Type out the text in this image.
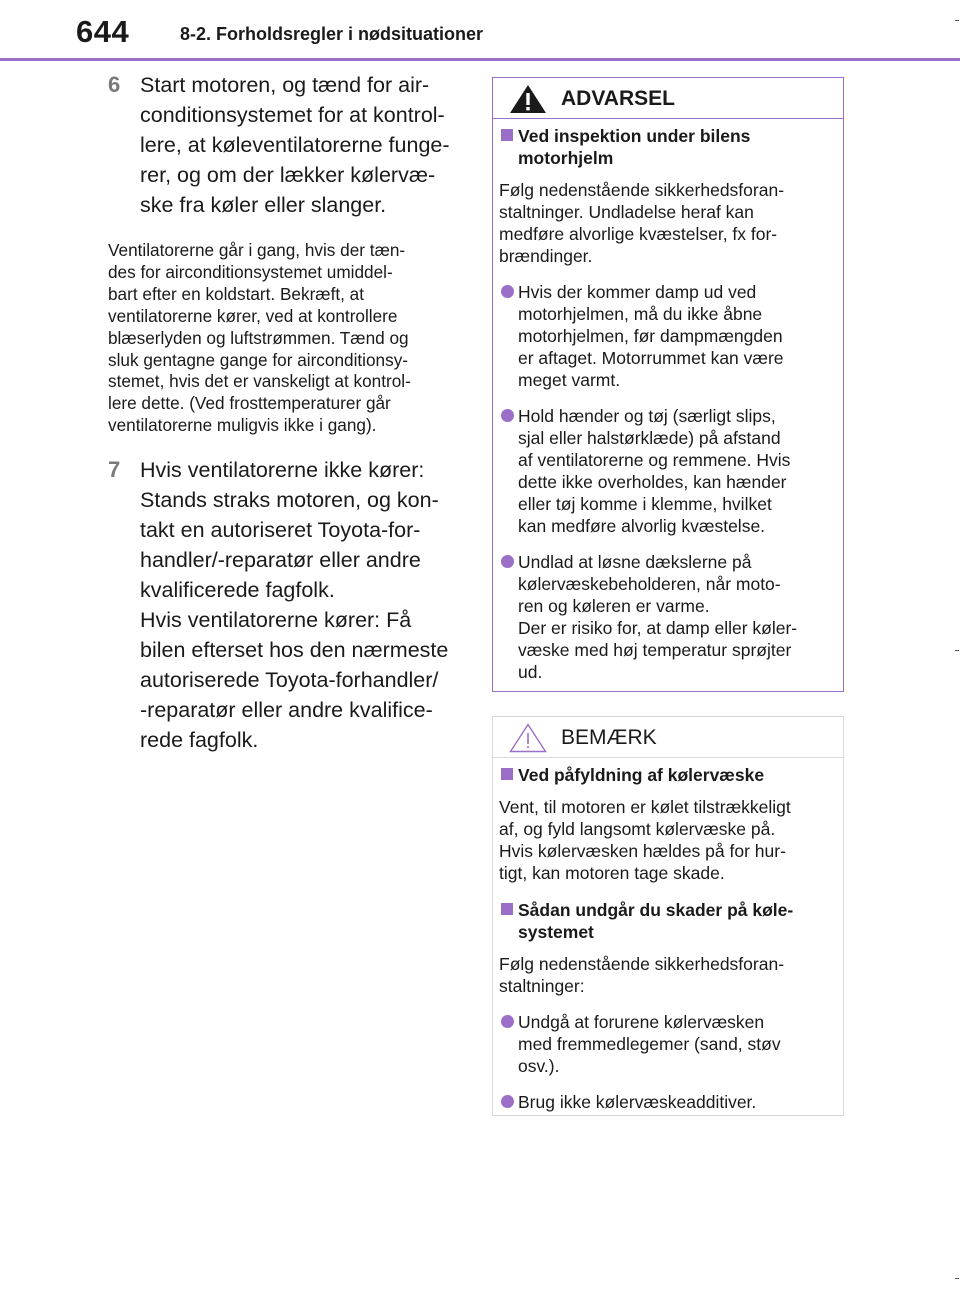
644	8-2. Forholdsregler i nødsituationer
6 Start motoren, og tænd for air-
conditionsystemet for at kontrol-
lere, at køleventilatorerne funge-
rer, og om der lækker kølervæ-
ske fra køler eller slanger.
Ventilatorerne går i gang, hvis der tæn-
des for airconditionsystemet umiddel-
bart efter en koldstart. Bekræft, at
ventilatorerne kører, ved at kontrollere
blæserlyden og luftstrømmen. Tænd og
sluk gentagne gange for airconditionsy-
stemet, hvis det er vanskeligt at kontrol-
lere dette. (Ved frosttemperaturer går
ventilatorerne muligvis ikke i gang).
7 Hvis ventilatorerne ikke kører:
Stands straks motoren, og kon-
takt en autoriseret Toyota-for-
handler/-reparatør eller andre
kvalificerede fagfolk.
Hvis ventilatorerne kører: Få
bilen efterset hos den nærmeste
autoriserede Toyota-forhandler/
-reparatør eller andre kvalifice-
rede fagfolk.
ADVARSEL
Ved inspektion under bilens
motorhjelm
Følg nedenstående sikkerhedsforan-
staltninger. Undladelse heraf kan
medføre alvorlige kvæstelser, fx for-
brændinger.
Hvis der kommer damp ud ved
motorhjelmen, må du ikke åbne
motorhjelmen, før dampmængden
er aftaget. Motorrummet kan være
meget varmt.
Hold hænder og tøj (særligt slips,
sjal eller halstørklæde) på afstand
af ventilatorerne og remmene. Hvis
dette ikke overholdes, kan hænder
eller tøj komme i klemme, hvilket
kan medføre alvorlig kvæstelse.
Undlad at løsne dækslerne på
kølervæskebeholderen, når moto-
ren og køleren er varme.
Der er risiko for, at damp eller køler-
væske med høj temperatur sprøjter
ud.
BEMÆRK
Ved påfyldning af kølervæske
Vent, til motoren er kølet tilstrækkeligt
af, og fyld langsomt kølervæske på.
Hvis kølervæsken hældes på for hur-
tigt, kan motoren tage skade.
Sådan undgår du skader på køle-
systemet
Følg nedenstående sikkerhedsforan-
staltninger:
Undgå at forurene kølervæsken
med fremmedlegemer (sand, støv
osv.).
Brug ikke kølervæskeadditiver.
